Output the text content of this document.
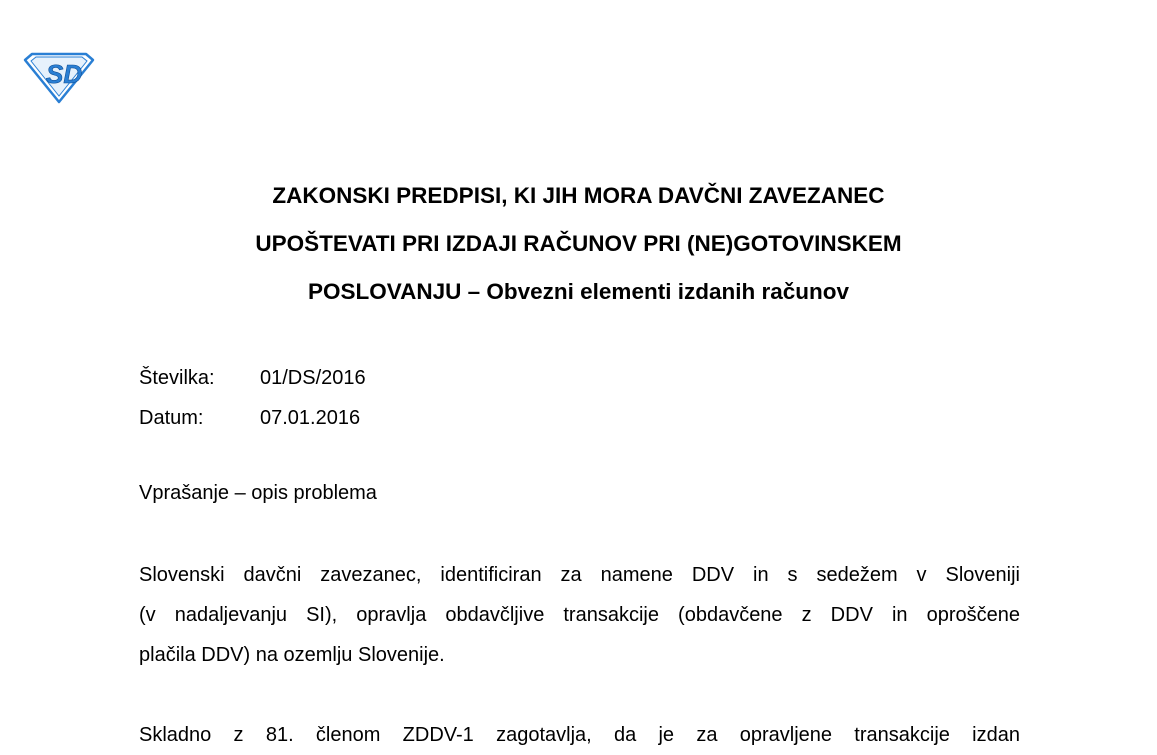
SD
ZAKONSKI PREDPISI, KI JIH MORA DAVČNI ZAVEZANEC
UPOŠTEVATI PRI IZDAJI RAČUNOV PRI (NE)GOTOVINSKEM
POSLOVANJU – Obvezni elementi izdanih računov
Številka:	01/DS/2016
Datum:	07.01.2016
Vprašanje – opis problema
Slovenski davčni zavezanec, identificiran za namene DDV in s sedežem v Sloveniji
(v nadaljevanju SI), opravlja obdavčljive transakcije (obdavčene z DDV in oproščene
plačila DDV) na ozemlju Slovenije.
Skladno z 81. členom ZDDV-1 zagotavlja, da je za opravljene transakcije izdan
